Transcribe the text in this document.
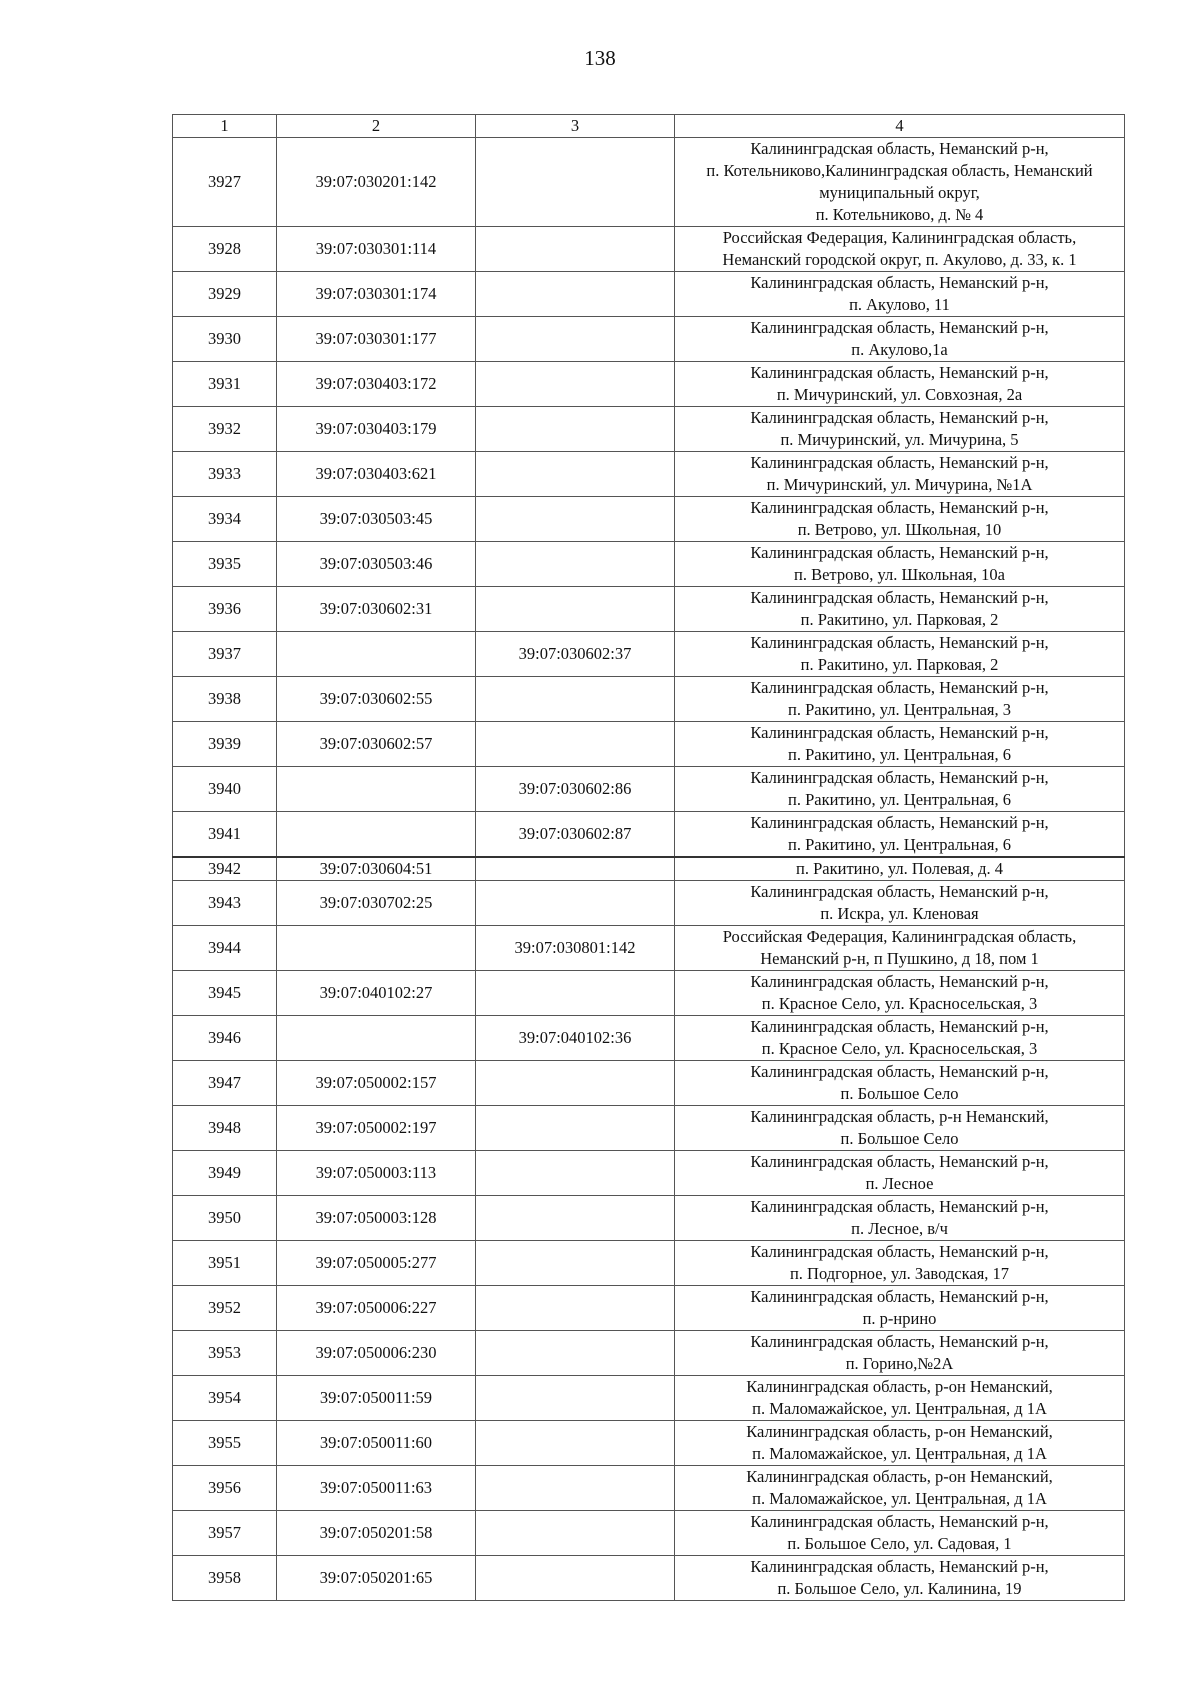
138
1	2	3	4
3927	39:07:030201:142		Калининградская область, Неманский р-н,
п. Котельниково,Калининградская область, Неманский
муниципальный округ,
п. Котельниково, д. № 4
3928	39:07:030301:114		Российская Федерация, Калининградская область,
Неманский городской округ, п. Акулово, д. 33, к. 1
3929	39:07:030301:174		Калининградская область, Неманский р-н,
п. Акулово, 11
3930	39:07:030301:177		Калининградская область, Неманский р-н,
п. Акулово,1а
3931	39:07:030403:172		Калининградская область, Неманский р-н,
п. Мичуринский, ул. Совхозная, 2а
3932	39:07:030403:179		Калининградская область, Неманский р-н,
п. Мичуринский, ул. Мичурина, 5
3933	39:07:030403:621		Калининградская область, Неманский р-н,
п. Мичуринский, ул. Мичурина, №1А
3934	39:07:030503:45		Калининградская область, Неманский р-н,
п. Ветрово, ул. Школьная, 10
3935	39:07:030503:46		Калининградская область, Неманский р-н,
п. Ветрово, ул. Школьная, 10а
3936	39:07:030602:31		Калининградская область, Неманский р-н,
п. Ракитино, ул. Парковая, 2
3937		39:07:030602:37	Калининградская область, Неманский р-н,
п. Ракитино, ул. Парковая, 2
3938	39:07:030602:55		Калининградская область, Неманский р-н,
п. Ракитино, ул. Центральная, 3
3939	39:07:030602:57		Калининградская область, Неманский р-н,
п. Ракитино, ул. Центральная, 6
3940		39:07:030602:86	Калининградская область, Неманский р-н,
п. Ракитино, ул. Центральная, 6
3941		39:07:030602:87	Калининградская область, Неманский р-н,
п. Ракитино, ул. Центральная, 6
3942	39:07:030604:51		п. Ракитино, ул. Полевая, д. 4
3943	39:07:030702:25		Калининградская область, Неманский р-н,
п. Искра, ул. Кленовая
3944		39:07:030801:142	Российская Федерация, Калининградская область,
Неманский р-н, п Пушкино, д 18, пом 1
3945	39:07:040102:27		Калининградская область, Неманский р-н,
п. Красное Село, ул. Красносельская, 3
3946		39:07:040102:36	Калининградская область, Неманский р-н,
п. Красное Село, ул. Красносельская, 3
3947	39:07:050002:157		Калининградская область, Неманский р-н,
п. Большое Село
3948	39:07:050002:197		Калининградская область, р-н Неманский,
п. Большое Село
3949	39:07:050003:113		Калининградская область, Неманский р-н,
п. Лесное
3950	39:07:050003:128		Калининградская область, Неманский р-н,
п. Лесное, в/ч
3951	39:07:050005:277		Калининградская область, Неманский р-н,
п. Подгорное, ул. Заводская, 17
3952	39:07:050006:227		Калининградская область, Неманский р-н,
п. р-нрино
3953	39:07:050006:230		Калининградская область, Неманский р-н,
п. Горино,№2А
3954	39:07:050011:59		Калининградская область, р-он Неманский,
п. Маломажайское, ул. Центральная, д 1А
3955	39:07:050011:60		Калининградская область, р-он Неманский,
п. Маломажайское, ул. Центральная, д 1А
3956	39:07:050011:63		Калининградская область, р-он Неманский,
п. Маломажайское, ул. Центральная, д 1А
3957	39:07:050201:58		Калининградская область, Неманский р-н,
п. Большое Село, ул. Садовая, 1
3958	39:07:050201:65		Калининградская область, Неманский р-н,
п. Большое Село, ул. Калинина, 19
